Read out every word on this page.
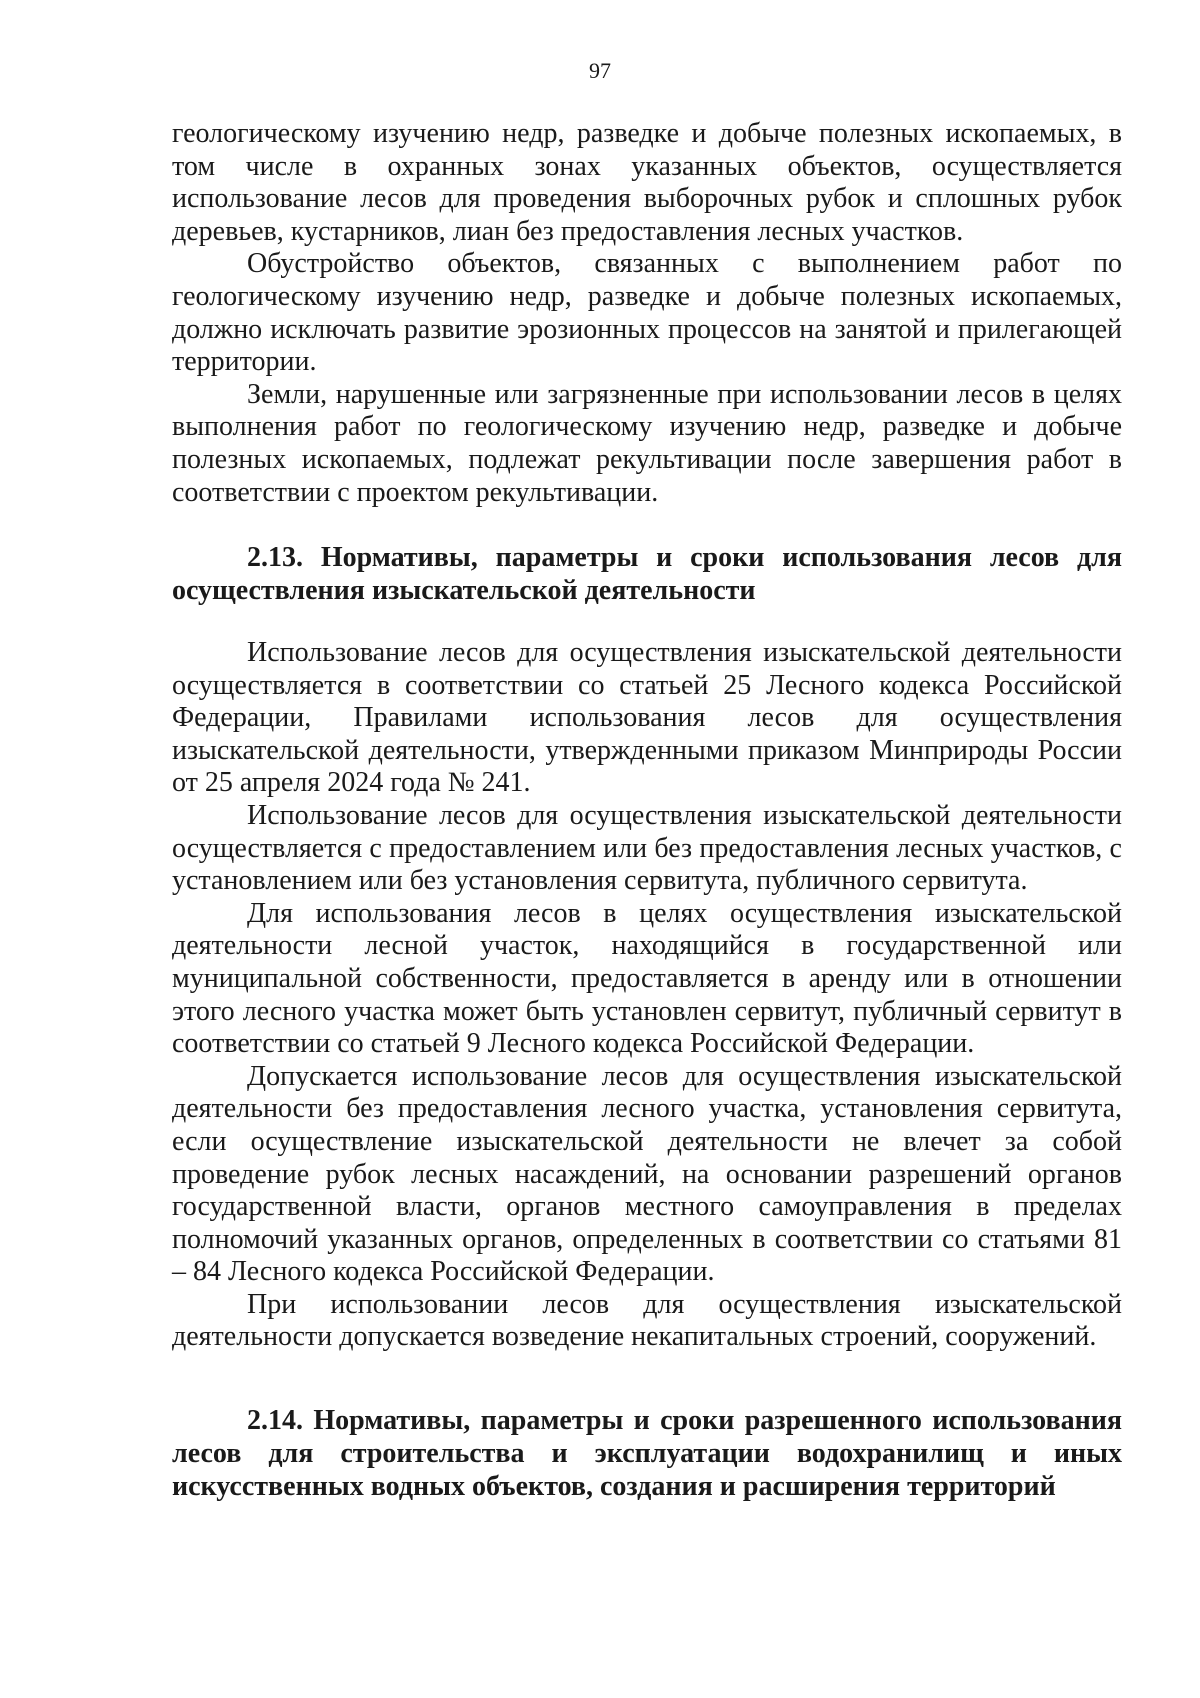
97

геологическому изучению недр, разведке и добыче полезных ископаемых, в том числе в охранных зонах указанных объектов, осуществляется использование лесов для проведения выборочных рубок и сплошных рубок деревьев, кустарников, лиан без предоставления лесных участков.

Обустройство объектов, связанных с выполнением работ по геологическому изучению недр, разведке и добыче полезных ископаемых, должно исключать развитие эрозионных процессов на занятой и прилегающей территории.

Земли, нарушенные или загрязненные при использовании лесов в целях выполнения работ по геологическому изучению недр, разведке и добыче полезных ископаемых, подлежат рекультивации после завершения работ в соответствии с проектом рекультивации.

2.13. Нормативы, параметры и сроки использования лесов для осуществления изыскательской деятельности

Использование лесов для осуществления изыскательской деятельности осуществляется в соответствии со статьей 25 Лесного кодекса Российской Федерации, Правилами использования лесов для осуществления изыскательской деятельности, утвержденными приказом Минприроды России от 25 апреля 2024 года № 241.

Использование лесов для осуществления изыскательской деятельности осуществляется с предоставлением или без предоставления лесных участков, с установлением или без установления сервитута, публичного сервитута.

Для использования лесов в целях осуществления изыскательской деятельности лесной участок, находящийся в государственной или муниципальной собственности, предоставляется в аренду или в отношении этого лесного участка может быть установлен сервитут, публичный сервитут в соответствии со статьей 9 Лесного кодекса Российской Федерации.

Допускается использование лесов для осуществления изыскательской деятельности без предоставления лесного участка, установления сервитута, если осуществление изыскательской деятельности не влечет за собой проведение рубок лесных насаждений, на основании разрешений органов государственной власти, органов местного самоуправления в пределах полномочий указанных органов, определенных в соответствии со статьями 81 – 84 Лесного кодекса Российской Федерации.

При использовании лесов для осуществления изыскательской деятельности допускается возведение некапитальных строений, сооружений.

2.14. Нормативы, параметры и сроки разрешенного использования лесов для строительства и эксплуатации водохранилищ и иных искусственных водных объектов, создания и расширения территорий
